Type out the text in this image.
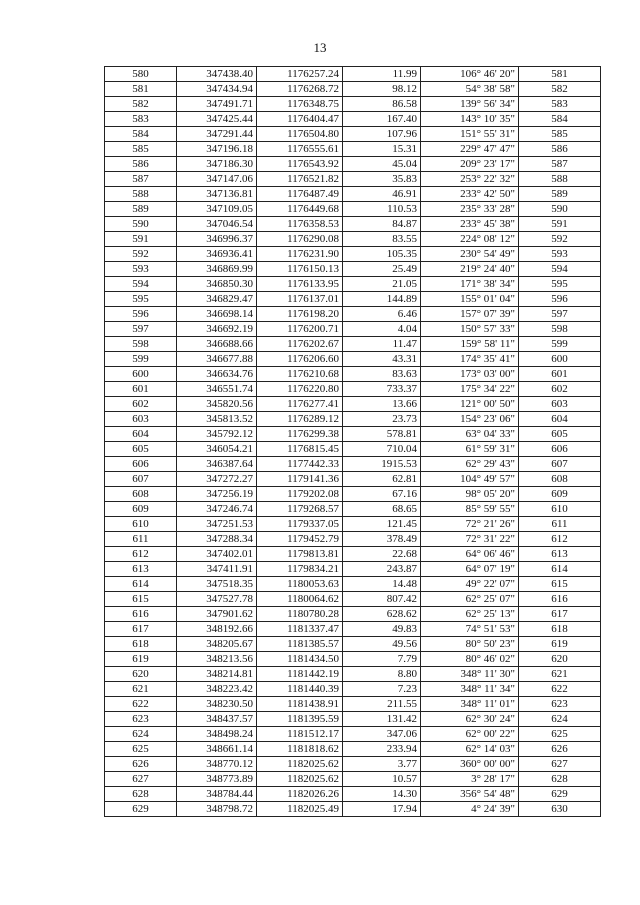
13
580	347438.40	1176257.24	11.99	106° 46' 20"	581
581	347434.94	1176268.72	98.12	54° 38' 58"	582
582	347491.71	1176348.75	86.58	139° 56' 34"	583
583	347425.44	1176404.47	167.40	143° 10' 35"	584
584	347291.44	1176504.80	107.96	151° 55' 31"	585
585	347196.18	1176555.61	15.31	229° 47' 47"	586
586	347186.30	1176543.92	45.04	209° 23' 17"	587
587	347147.06	1176521.82	35.83	253° 22' 32"	588
588	347136.81	1176487.49	46.91	233° 42' 50"	589
589	347109.05	1176449.68	110.53	235° 33' 28"	590
590	347046.54	1176358.53	84.87	233° 45' 38"	591
591	346996.37	1176290.08	83.55	224° 08' 12"	592
592	346936.41	1176231.90	105.35	230° 54' 49"	593
593	346869.99	1176150.13	25.49	219° 24' 40"	594
594	346850.30	1176133.95	21.05	171° 38' 34"	595
595	346829.47	1176137.01	144.89	155° 01' 04"	596
596	346698.14	1176198.20	6.46	157° 07' 39"	597
597	346692.19	1176200.71	4.04	150° 57' 33"	598
598	346688.66	1176202.67	11.47	159° 58' 11"	599
599	346677.88	1176206.60	43.31	174° 35' 41"	600
600	346634.76	1176210.68	83.63	173° 03' 00"	601
601	346551.74	1176220.80	733.37	175° 34' 22"	602
602	345820.56	1176277.41	13.66	121° 00' 50"	603
603	345813.52	1176289.12	23.73	154° 23' 06"	604
604	345792.12	1176299.38	578.81	63° 04' 33"	605
605	346054.21	1176815.45	710.04	61° 59' 31"	606
606	346387.64	1177442.33	1915.53	62° 29' 43"	607
607	347272.27	1179141.36	62.81	104° 49' 57"	608
608	347256.19	1179202.08	67.16	98° 05' 20"	609
609	347246.74	1179268.57	68.65	85° 59' 55"	610
610	347251.53	1179337.05	121.45	72° 21' 26"	611
611	347288.34	1179452.79	378.49	72° 31' 22"	612
612	347402.01	1179813.81	22.68	64° 06' 46"	613
613	347411.91	1179834.21	243.87	64° 07' 19"	614
614	347518.35	1180053.63	14.48	49° 22' 07"	615
615	347527.78	1180064.62	807.42	62° 25' 07"	616
616	347901.62	1180780.28	628.62	62° 25' 13"	617
617	348192.66	1181337.47	49.83	74° 51' 53"	618
618	348205.67	1181385.57	49.56	80° 50' 23"	619
619	348213.56	1181434.50	7.79	80° 46' 02"	620
620	348214.81	1181442.19	8.80	348° 11' 30"	621
621	348223.42	1181440.39	7.23	348° 11' 34"	622
622	348230.50	1181438.91	211.55	348° 11' 01"	623
623	348437.57	1181395.59	131.42	62° 30' 24"	624
624	348498.24	1181512.17	347.06	62° 00' 22"	625
625	348661.14	1181818.62	233.94	62° 14' 03"	626
626	348770.12	1182025.62	3.77	360° 00' 00"	627
627	348773.89	1182025.62	10.57	3° 28' 17"	628
628	348784.44	1182026.26	14.30	356° 54' 48"	629
629	348798.72	1182025.49	17.94	4° 24' 39"	630
